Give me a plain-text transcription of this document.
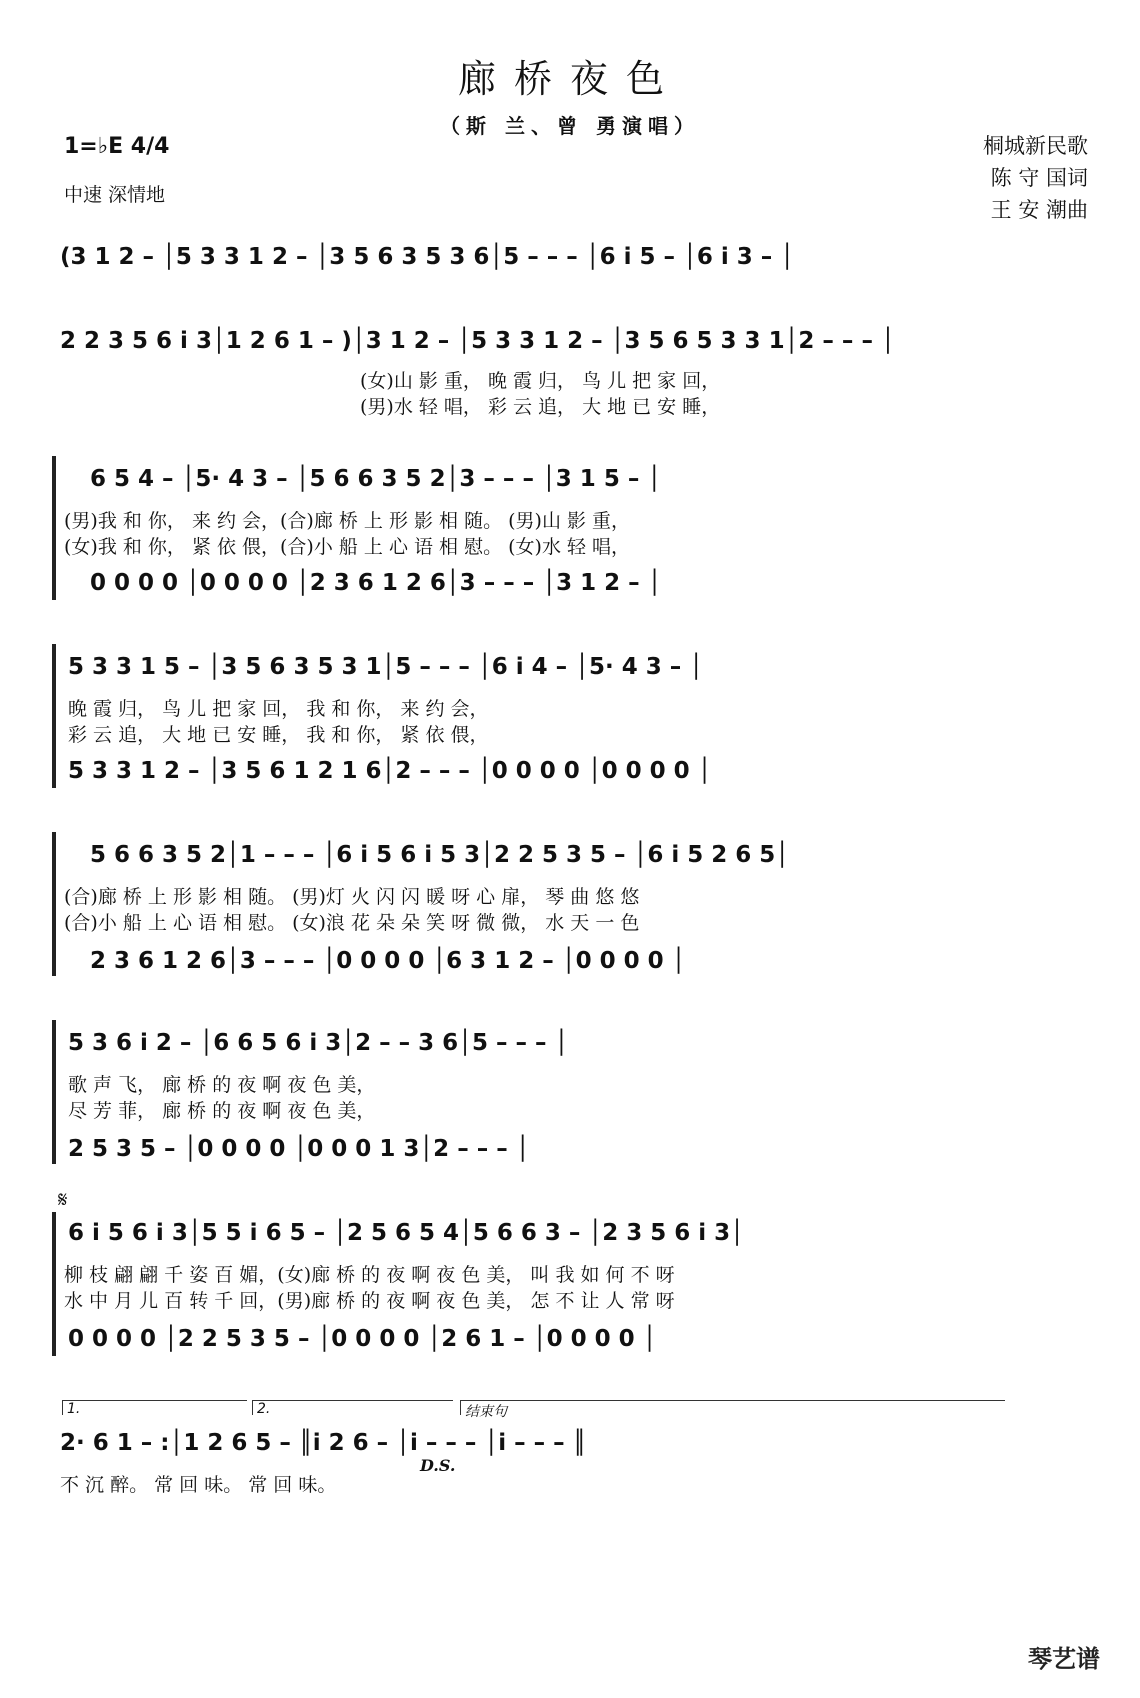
廊桥夜色
（斯 兰、曾 勇演唱）
1=♭E 4/4
中速 深情地
桐城新民歌
陈 守 国词
王 安 潮曲
(3 1 2 – │5 3 3 1 2 – │3 5 6 3 5 3 6│5 – – – │6 i 5 – │6 i 3 – │
2 2 3 5 6 i 3│1 2 6 1 – )│3 1 2 – │5 3 3 1 2 – │3 5 6 5 3 3 1│2 – – – │
(女)山 影 重， 晚 霞 归， 鸟 儿 把 家 回，
(男)水 轻 唱， 彩 云 追， 大 地 已 安 睡，
6 5 4 – │5· 4 3 – │5 6 6 3 5 2│3 – – – │3 1 5 – │
(男)我 和 你， 来 约 会，(合)廊 桥 上 形 影 相 随。 (男)山 影 重，
(女)我 和 你， 紧 依 偎，(合)小 船 上 心 语 相 慰。 (女)水 轻 唱，
0 0 0 0 │0 0 0 0 │2 3 6 1 2 6│3 – – – │3 1 2 – │
5 3 3 1 5 – │3 5 6 3 5 3 1│5 – – – │6 i 4 – │5· 4 3 – │
晚 霞 归， 鸟 儿 把 家 回， 我 和 你， 来 约 会，
彩 云 追， 大 地 已 安 睡， 我 和 你， 紧 依 偎，
5 3 3 1 2 – │3 5 6 1 2 1 6│2 – – – │0 0 0 0 │0 0 0 0 │
5 6 6 3 5 2│1 – – – │6 i 5 6 i 5 3│2 2 5 3 5 – │6 i 5 2 6 5│
(合)廊 桥 上 形 影 相 随。 (男)灯 火 闪 闪 暖 呀 心 扉， 琴 曲 悠 悠
(合)小 船 上 心 语 相 慰。 (女)浪 花 朵 朵 笑 呀 微 微， 水 天 一 色
2 3 6 1 2 6│3 – – – │0 0 0 0 │6 3 1 2 – │0 0 0 0 │
5 3 6 i 2 – │6 6 5 6 i 3│2 – – 3 6│5 – – – │
歌 声 飞， 廊 桥 的 夜 啊 夜 色 美，
尽 芳 菲， 廊 桥 的 夜 啊 夜 色 美，
2 5 3 5 – │0 0 0 0 │0 0 0 1 3│2 – – – │
𝄋
6 i 5 6 i 3│5 5 i 6 5 – │2 5 6 5 4│5 6 6 3 – │2 3 5 6 i 3│
柳 枝 翩 翩 千 姿 百 媚，(女)廊 桥 的 夜 啊 夜 色 美， 叫 我 如 何 不 呀
水 中 月 儿 百 转 千 回，(男)廊 桥 的 夜 啊 夜 色 美， 怎 不 让 人 常 呀
0 0 0 0 │2 2 5 3 5 – │0 0 0 0 │2 6 1 – │0 0 0 0 │
1.	2.	结束句
2· 6 1 – :│1 2 6 5 – ║i 2 6 – │i – – – │i – – – ║
D.S.
不 沉 醉。 常 回 味。 常 回 味。
琴艺谱
